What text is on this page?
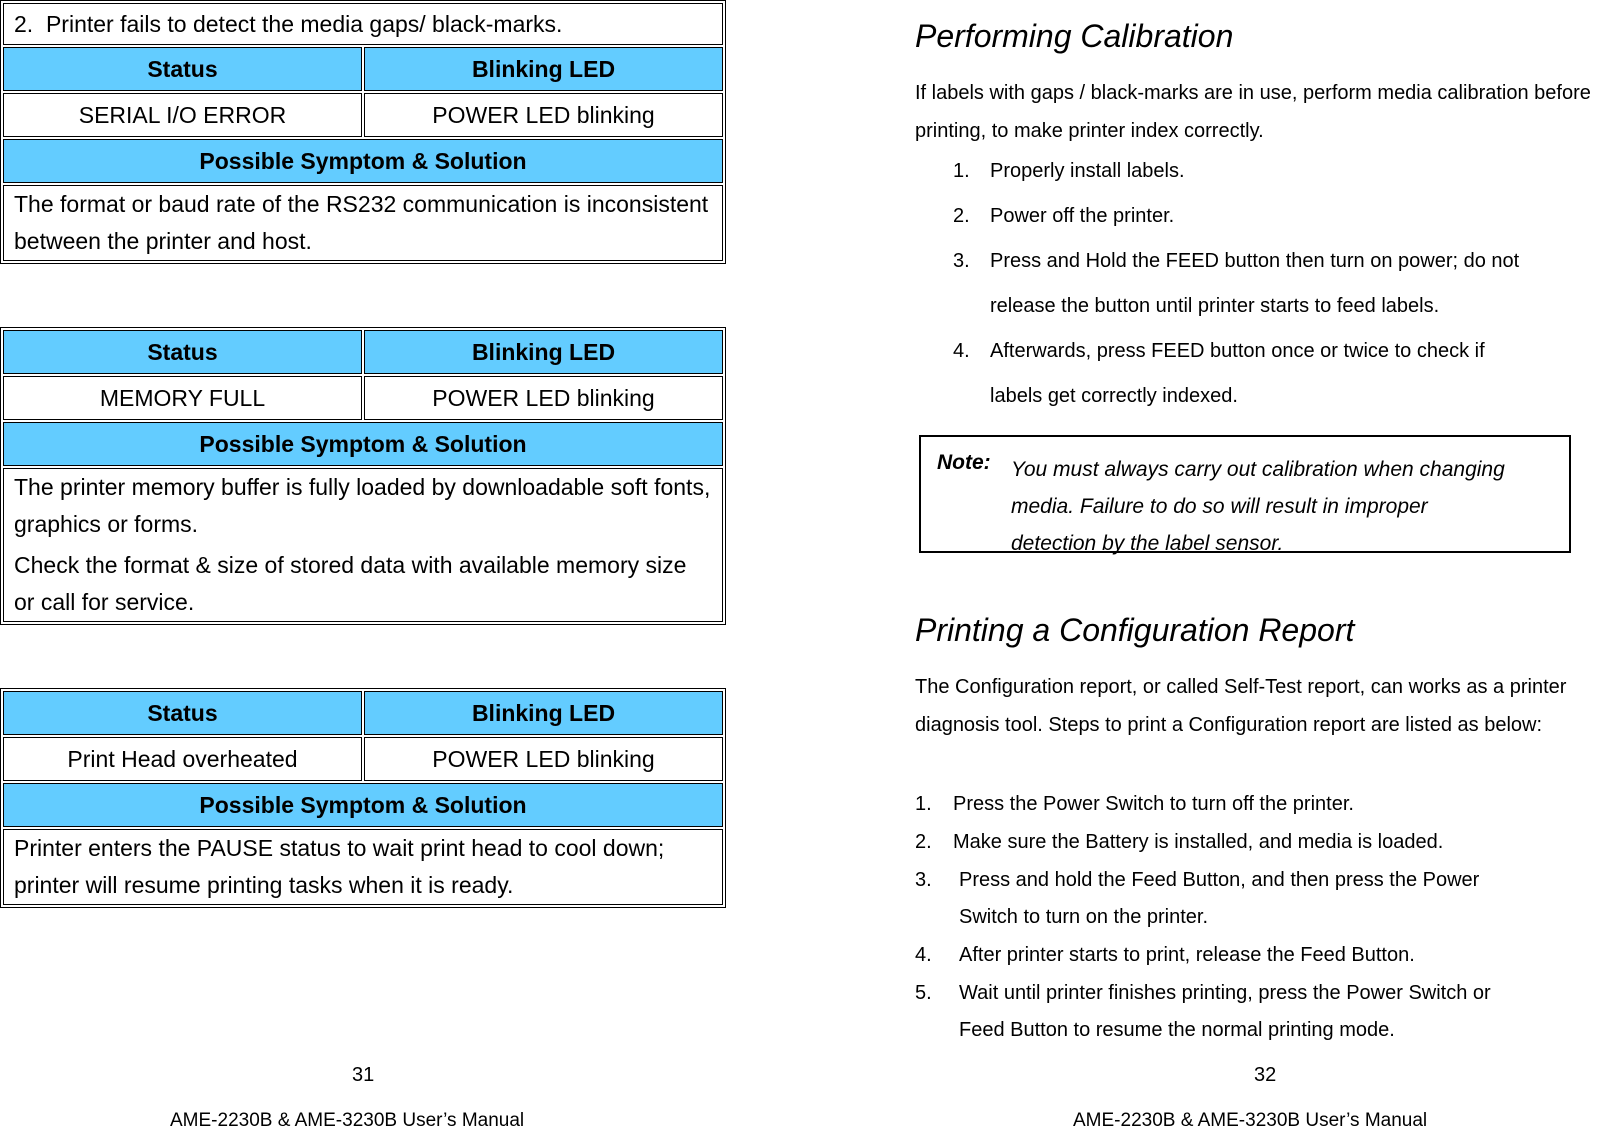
2. Printer fails to detect the media gaps/ black-marks.	
Status	Blinking LED
SERIAL I/O ERROR	POWER LED blinking
Possible Symptom & Solution	

The format or baud rate of the RS232 communication is inconsistent between the printer and host.	

Status	Blinking LED
MEMORY FULL	POWER LED blinking
Possible Symptom & Solution	

The printer memory buffer is fully loaded by downloadable soft fonts, graphics or forms.

Check the format & size of stored data with available memory size or call for service.	

Status	Blinking LED
Print Head overheated	POWER LED blinking
Possible Symptom & Solution	

Printer enters the PAUSE status to wait print head to cool down; printer will resume printing tasks when it is ready.	

31
AME-2230B & AME-3230B User’s Manual
Performing Calibration
If labels with gaps / black-marks are in use, perform media calibration before printing, to make printer index correctly.
1. Properly install labels.
2. Power off the printer.
3. Press and Hold the FEED button then turn on power; do not
release the button until printer starts to feed labels.
4. Afterwards, press FEED button once or twice to check if
labels get correctly indexed.
Note: You must always carry out calibration when changing
media. Failure to do so will result in improper
detection by the label sensor.
Printing a Configuration Report
The Configuration report, or called Self-Test report, can works as a printer diagnosis tool. Steps to print a Configuration report are listed as below:
1. Press the Power Switch to turn off the printer.
2. Make sure the Battery is installed, and media is loaded.
3. Press and hold the Feed Button, and then press the Power
Switch to turn on the printer.
4. After printer starts to print, release the Feed Button.
5. Wait until printer finishes printing, press the Power Switch or
Feed Button to resume the normal printing mode.
32
AME-2230B & AME-3230B User’s Manual
